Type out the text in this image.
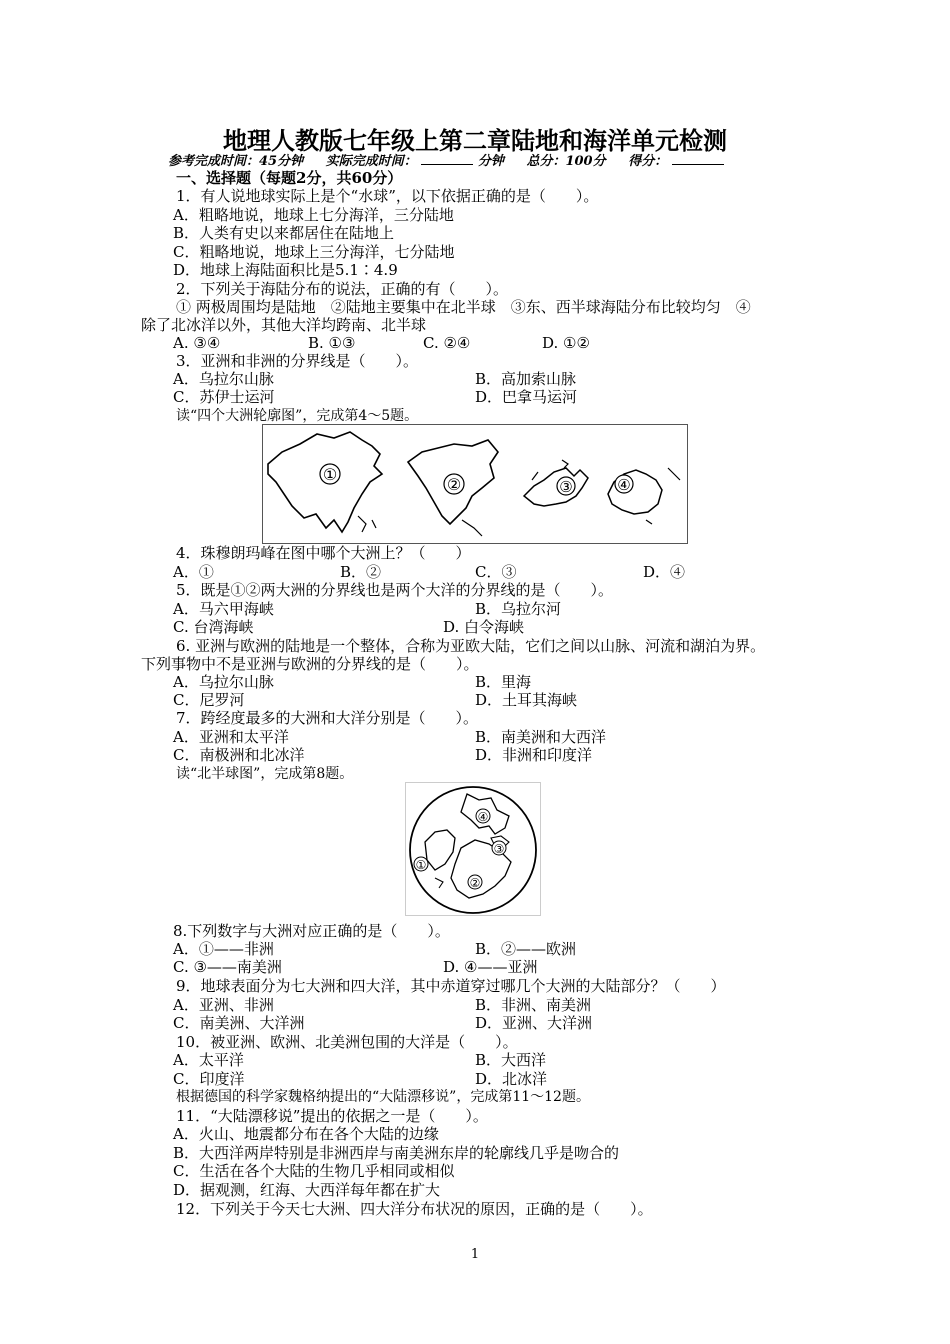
地理人教版七年级上第二章陆地和海洋单元检测
参考完成时间：45分钟 实际完成时间：	分钟 总分：100分 得分：
一、选择题（每题2分，共60分）
1．有人说地球实际上是个“水球”，以下依据正确的是（　　）。
A．粗略地说，地球上七分海洋，三分陆地
B．人类有史以来都居住在陆地上
C．粗略地说，地球上三分海洋，七分陆地
D．地球上海陆面积比是5.1∶4.9
2．下列关于海陆分布的说法，正确的有（　　）。
① 两极周围均是陆地　②陆地主要集中在北半球　③东、西半球海陆分布比较均匀　④
除了北冰洋以外，其他大洋均跨南、北半球
A. ③④	B. ①③	C. ②④	D. ①②
3．亚洲和非洲的分界线是（　　）。
A．乌拉尔山脉	B．高加索山脉
C．苏伊士运河	D．巴拿马运河
读“四个大洲轮廓图”，完成第4～5题。
①
②	③	④
4．珠穆朗玛峰在图中哪个大洲上？（　　）
A．①	B．②	C．③	D．④
5．既是①②两大洲的分界线也是两个大洋的分界线的是（　　）。
A．马六甲海峡	B．乌拉尔河
C. 台湾海峡	D. 白令海峡
6. 亚洲与欧洲的陆地是一个整体，合称为亚欧大陆，它们之间以山脉、河流和湖泊为界。
下列事物中不是亚洲与欧洲的分界线的是（　　）。
A．乌拉尔山脉	B．里海
C．尼罗河	D．土耳其海峡
7．跨经度最多的大洲和大洋分别是（　　）。
A．亚洲和太平洋	B．南美洲和大西洋
C．南极洲和北冰洋	D．非洲和印度洋
读“北半球图”，完成第8题。
④
③
①
②
8.下列数字与大洲对应正确的是（　　）。
A．①——非洲	B．②——欧洲
C. ③——南美洲	D. ④——亚洲
9．地球表面分为七大洲和四大洋，其中赤道穿过哪几个大洲的大陆部分？（　　）
A．亚洲、非洲	B．非洲、南美洲
C．南美洲、大洋洲	D．亚洲、大洋洲
10．被亚洲、欧洲、北美洲包围的大洋是（　　）。
A．太平洋	B．大西洋
C．印度洋	D．北冰洋
根据德国的科学家魏格纳提出的“大陆漂移说”，完成第11～12题。
11．“大陆漂移说”提出的依据之一是（　　）。
A．火山、地震都分布在各个大陆的边缘
B．大西洋两岸特别是非洲西岸与南美洲东岸的轮廓线几乎是吻合的
C．生活在各个大陆的生物几乎相同或相似
D．据观测，红海、大西洋每年都在扩大
12．下列关于今天七大洲、四大洋分布状况的原因，正确的是（　　）。
1
